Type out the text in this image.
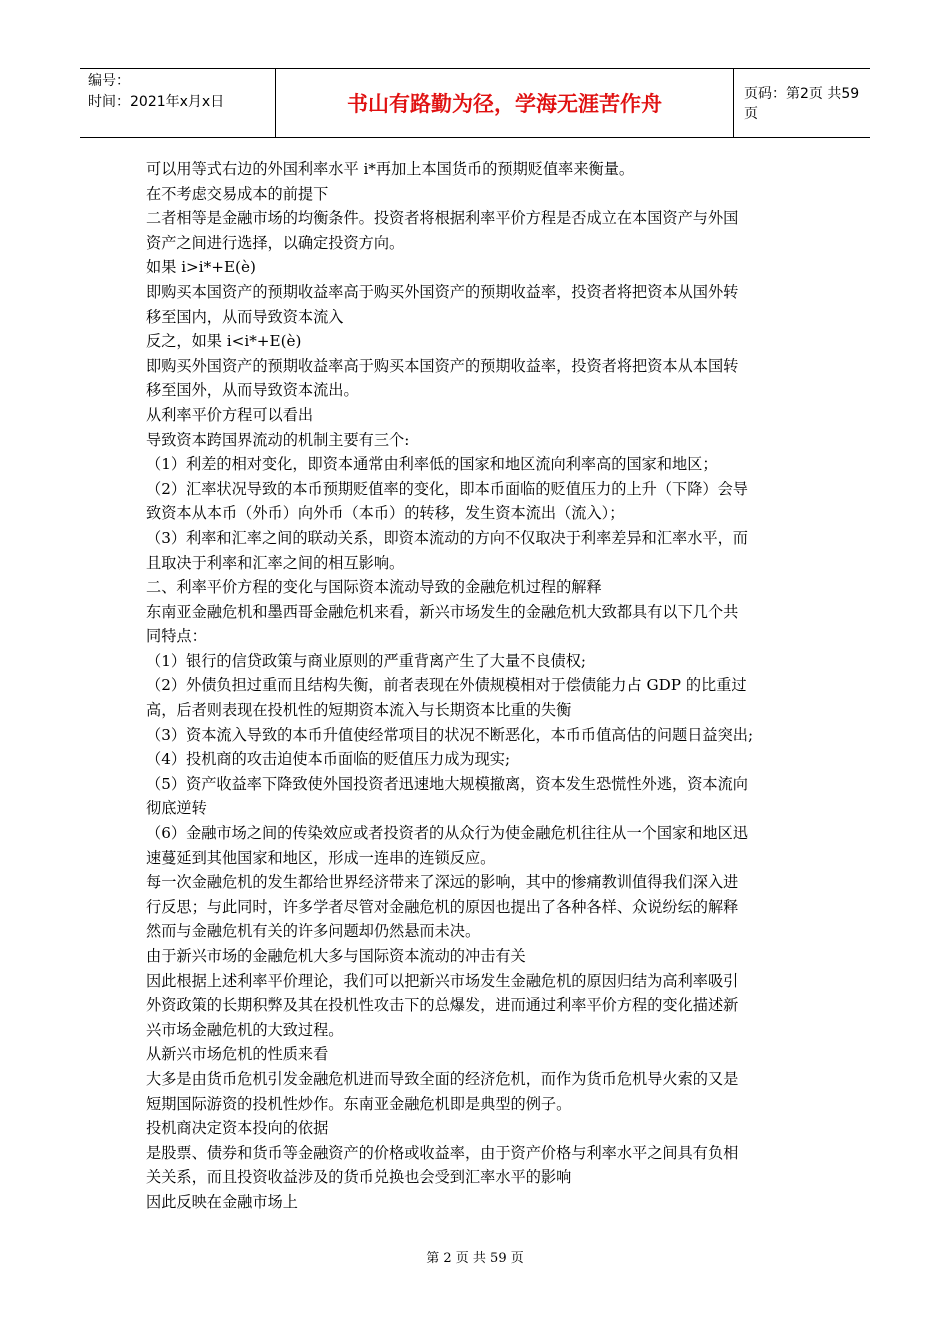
编号：
时间：2021年x月x日	书山有路勤为径，学海无涯苦作舟	页码：第2页 共59页
可以用等式右边的外国利率水平 i*再加上本国货币的预期贬值率来衡量。
在不考虑交易成本的前提下
二者相等是金融市场的均衡条件。投资者将根据利率平价方程是否成立在本国资产与外国
资产之间进行选择，以确定投资方向。
如果 i>i*+E(è)
即购买本国资产的预期收益率高于购买外国资产的预期收益率，投资者将把资本从国外转
移至国内，从而导致资本流入
反之，如果 i<i*+E(è)
即购买外国资产的预期收益率高于购买本国资产的预期收益率，投资者将把资本从本国转
移至国外，从而导致资本流出。
从利率平价方程可以看出
导致资本跨国界流动的机制主要有三个:
（1）利差的相对变化，即资本通常由利率低的国家和地区流向利率高的国家和地区；
（2）汇率状况导致的本币预期贬值率的变化，即本币面临的贬值压力的上升（下降）会导
致资本从本币（外币）向外币（本币）的转移，发生资本流出（流入）；
（3）利率和汇率之间的联动关系，即资本流动的方向不仅取决于利率差异和汇率水平，而
且取决于利率和汇率之间的相互影响。
二、利率平价方程的变化与国际资本流动导致的金融危机过程的解释
东南亚金融危机和墨西哥金融危机来看，新兴市场发生的金融危机大致都具有以下几个共
同特点：
（1）银行的信贷政策与商业原则的严重背离产生了大量不良债权;
（2）外债负担过重而且结构失衡，前者表现在外债规模相对于偿债能力占 GDP 的比重过
高，后者则表现在投机性的短期资本流入与长期资本比重的失衡
（3）资本流入导致的本币升值使经常项目的状况不断恶化，本币币值高估的问题日益突出;
（4）投机商的攻击迫使本币面临的贬值压力成为现实;
（5）资产收益率下降致使外国投资者迅速地大规模撤离，资本发生恐慌性外逃，资本流向
彻底逆转
（6）金融市场之间的传染效应或者投资者的从众行为使金融危机往往从一个国家和地区迅
速蔓延到其他国家和地区，形成一连串的连锁反应。
每一次金融危机的发生都给世界经济带来了深远的影响，其中的惨痛教训值得我们深入进
行反思；与此同时，许多学者尽管对金融危机的原因也提出了各种各样、众说纷纭的解释
然而与金融危机有关的许多问题却仍然悬而未决。
由于新兴市场的金融危机大多与国际资本流动的冲击有关
因此根据上述利率平价理论，我们可以把新兴市场发生金融危机的原因归结为高利率吸引
外资政策的长期积弊及其在投机性攻击下的总爆发，进而通过利率平价方程的变化描述新
兴市场金融危机的大致过程。
从新兴市场危机的性质来看
大多是由货币危机引发金融危机进而导致全面的经济危机，而作为货币危机导火索的又是
短期国际游资的投机性炒作。东南亚金融危机即是典型的例子。
投机商决定资本投向的依据
是股票、债券和货币等金融资产的价格或收益率，由于资产价格与利率水平之间具有负相
关关系，而且投资收益涉及的货币兑换也会受到汇率水平的影响
因此反映在金融市场上
第 2 页 共 59 页
